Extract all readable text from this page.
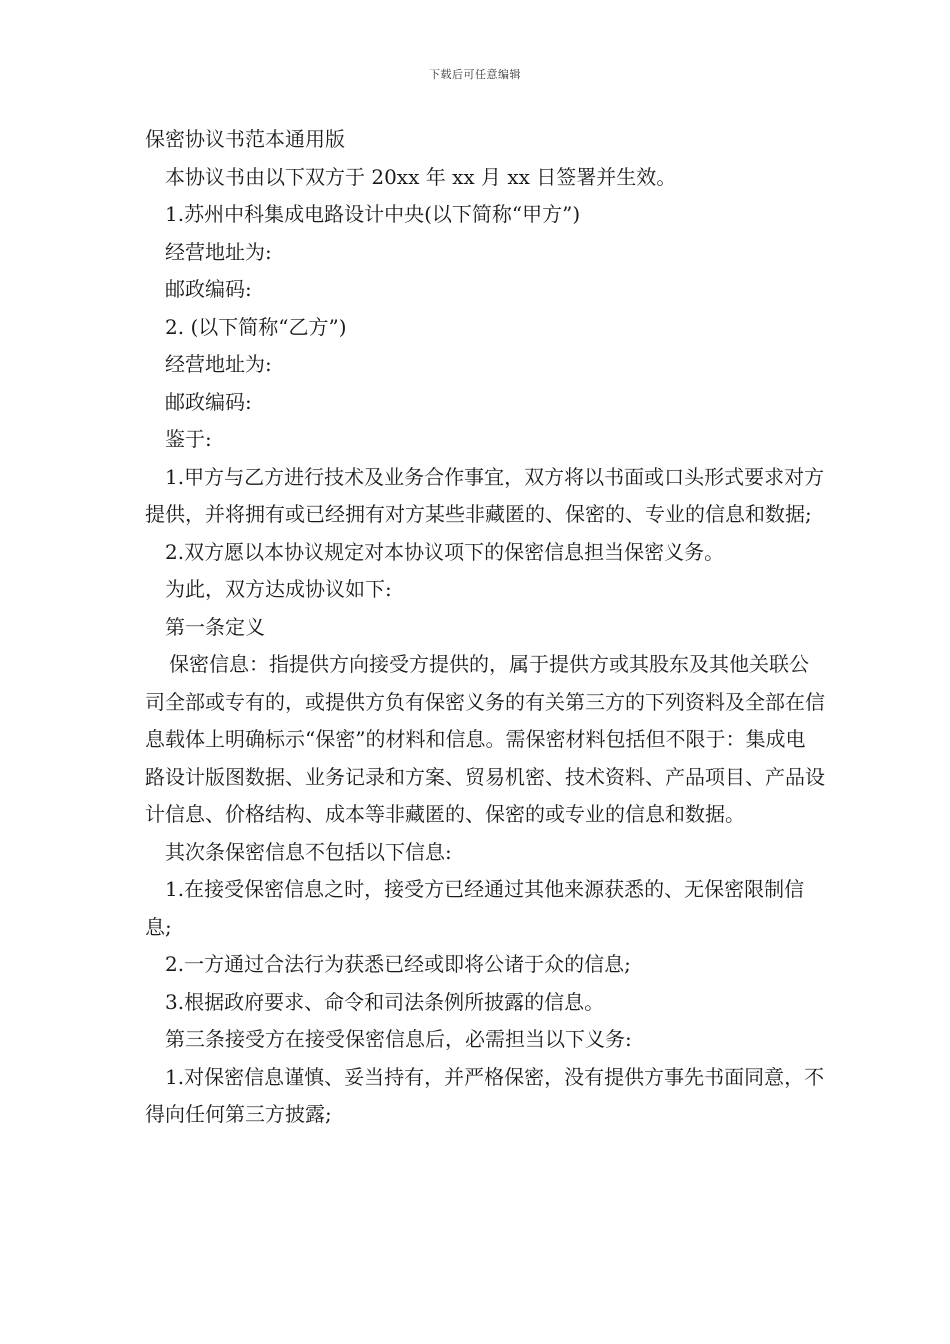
下载后可任意编辑

保密协议书范本通用版

本协议书由以下双方于 20xx 年 xx 月 xx 日签署并生效。

1.苏州中科集成电路设计中央(以下简称“甲方”)

经营地址为:

邮政编码:

2. (以下简称“乙方”)

经营地址为:

邮政编码:

鉴于:

1.甲方与乙方进行技术及业务合作事宜，双方将以书面或口头形式要求对方提供，并将拥有或已经拥有对方某些非藏匿的、保密的、专业的信息和数据;

2.双方愿以本协议规定对本协议项下的保密信息担当保密义务。

为此，双方达成协议如下:

第一条定义

保密信息：指提供方向接受方提供的，属于提供方或其股东及其他关联公司全部或专有的，或提供方负有保密义务的有关第三方的下列资料及全部在信息载体上明确标示“保密”的材料和信息。需保密材料包括但不限于：集成电路设计版图数据、业务记录和方案、贸易机密、技术资料、产品项目、产品设计信息、价格结构、成本等非藏匿的、保密的或专业的信息和数据。

其次条保密信息不包括以下信息:

1.在接受保密信息之时，接受方已经通过其他来源获悉的、无保密限制信息;

2.一方通过合法行为获悉已经或即将公诸于众的信息;

3.根据政府要求、命令和司法条例所披露的信息。

第三条接受方在接受保密信息后，必需担当以下义务:

1.对保密信息谨慎、妥当持有，并严格保密，没有提供方事先书面同意，不得向任何第三方披露;
